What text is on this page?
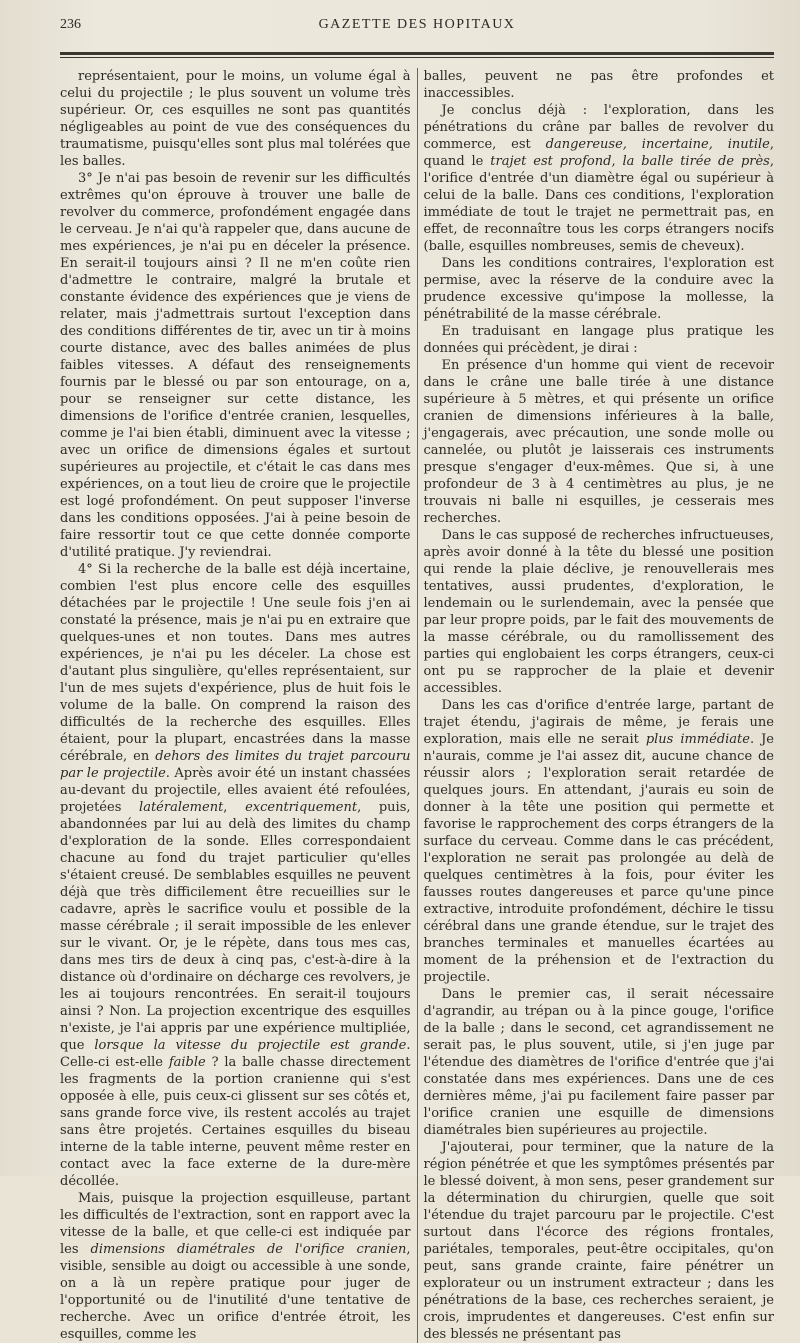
236	GAZETTE DES HOPITAUX

représentaient, pour le moins, un volume égal à celui du projectile ; le plus souvent un volume très supérieur. Or, ces esquilles ne sont pas quantités négligeables au point de vue des conséquences du traumatisme, puisqu'elles sont plus mal tolérées que les balles.

3° Je n'ai pas besoin de revenir sur les difficultés extrêmes qu'on éprouve à trouver une balle de revolver du commerce, profondément engagée dans le cerveau. Je n'ai qu'à rappeler que, dans aucune de mes expériences, je n'ai pu en déceler la présence. En serait-il toujours ainsi ? Il ne m'en coûte rien d'admettre le contraire, malgré la brutale et constante évidence des expériences que je viens de relater, mais j'admettrais surtout l'exception dans des conditions différentes de tir, avec un tir à moins courte distance, avec des balles animées de plus faibles vitesses. A défaut des renseignements fournis par le blessé ou par son entourage, on a, pour se renseigner sur cette distance, les dimensions de l'orifice d'entrée cranien, lesquelles, comme je l'ai bien établi, diminuent avec la vitesse ; avec un orifice de dimensions égales et surtout supérieures au projectile, et c'était le cas dans mes expériences, on a tout lieu de croire que le projectile est logé profondément. On peut supposer l'inverse dans les conditions opposées. J'ai à peine besoin de faire ressortir tout ce que cette donnée comporte d'utilité pratique. J'y reviendrai.

4° Si la recherche de la balle est déjà incertaine, combien l'est plus encore celle des esquilles détachées par le projectile ! Une seule fois j'en ai constaté la présence, mais je n'ai pu en extraire que quelques-unes et non toutes. Dans mes autres expériences, je n'ai pu les déceler. La chose est d'autant plus singulière, qu'elles représentaient, sur l'un de mes sujets d'expérience, plus de huit fois le volume de la balle. On comprend la raison des difficultés de la recherche des esquilles. Elles étaient, pour la plupart, encastrées dans la masse cérébrale, en dehors des limites du trajet parcouru par le projectile. Après avoir été un instant chassées au-devant du projectile, elles avaient été refoulées, projetées latéralement, excentriquement, puis, abandonnées par lui au delà des limites du champ d'exploration de la sonde. Elles correspondaient chacune au fond du trajet particulier qu'elles s'étaient creusé. De semblables esquilles ne peuvent déjà que très difficilement être recueillies sur le cadavre, après le sacrifice voulu et possible de la masse cérébrale ; il serait impossible de les enlever sur le vivant. Or, je le répète, dans tous mes cas, dans mes tirs de deux à cinq pas, c'est-à-dire à la distance où d'ordinaire on décharge ces revolvers, je les ai toujours rencontrées. En serait-il toujours ainsi ? Non. La projection excentrique des esquilles n'existe, je l'ai appris par une expérience multipliée, que lorsque la vitesse du projectile est grande. Celle-ci est-elle faible ? la balle chasse directement les fragments de la portion cranienne qui s'est opposée à elle, puis ceux-ci glissent sur ses côtés et, sans grande force vive, ils restent accolés au trajet sans être projetés. Certaines esquilles du biseau interne de la table interne, peuvent même rester en contact avec la face externe de la dure-mère décollée.

Mais, puisque la projection esquilleuse, partant les difficultés de l'extraction, sont en rapport avec la vitesse de la balle, et que celle-ci est indiquée par les dimensions diamétrales de l'orifice cranien, visible, sensible au doigt ou accessible à une sonde, on a là un repère pratique pour juger de l'opportunité ou de l'inutilité d'une tentative de recherche. Avec un orifice d'entrée étroit, les esquilles, comme les

balles, peuvent ne pas être profondes et inaccessibles.

Je conclus déjà : l'exploration, dans les pénétrations du crâne par balles de revolver du commerce, est dangereuse, incertaine, inutile, quand le trajet est profond, la balle tirée de près, l'orifice d'entrée d'un diamètre égal ou supérieur à celui de la balle. Dans ces conditions, l'exploration immédiate de tout le trajet ne permettrait pas, en effet, de reconnaître tous les corps étrangers nocifs (balle, esquilles nombreuses, semis de cheveux).

Dans les conditions contraires, l'exploration est permise, avec la réserve de la conduire avec la prudence excessive qu'impose la mollesse, la pénétrabilité de la masse cérébrale.

En traduisant en langage plus pratique les données qui précèdent, je dirai :

En présence d'un homme qui vient de recevoir dans le crâne une balle tirée à une distance supérieure à 5 mètres, et qui présente un orifice cranien de dimensions inférieures à la balle, j'engagerais, avec précaution, une sonde molle ou cannelée, ou plutôt je laisserais ces instruments presque s'engager d'eux-mêmes. Que si, à une profondeur de 3 à 4 centimètres au plus, je ne trouvais ni balle ni esquilles, je cesserais mes recherches.

Dans le cas supposé de recherches infructueuses, après avoir donné à la tête du blessé une position qui rende la plaie déclive, je renouvellerais mes tentatives, aussi prudentes, d'exploration, le lendemain ou le surlendemain, avec la pensée que par leur propre poids, par le fait des mouvements de la masse cérébrale, ou du ramollissement des parties qui englobaient les corps étrangers, ceux-ci ont pu se rapprocher de la plaie et devenir accessibles.

Dans les cas d'orifice d'entrée large, partant de trajet étendu, j'agirais de même, je ferais une exploration, mais elle ne serait plus immédiate. Je n'aurais, comme je l'ai assez dit, aucune chance de réussir alors ; l'exploration serait retardée de quelques jours. En attendant, j'aurais eu soin de donner à la tête une position qui permette et favorise le rapprochement des corps étrangers de la surface du cerveau. Comme dans le cas précédent, l'exploration ne serait pas prolongée au delà de quelques centimètres à la fois, pour éviter les fausses routes dangereuses et parce qu'une pince extractive, introduite profondément, déchire le tissu cérébral dans une grande étendue, sur le trajet des branches terminales et manuelles écartées au moment de la préhension et de l'extraction du projectile.

Dans le premier cas, il serait nécessaire d'agrandir, au trépan ou à la pince gouge, l'orifice de la balle ; dans le second, cet agrandissement ne serait pas, le plus souvent, utile, si j'en juge par l'étendue des diamètres de l'orifice d'entrée que j'ai constatée dans mes expériences. Dans une de ces dernières même, j'ai pu facilement faire passer par l'orifice cranien une esquille de dimensions diamétrales bien supérieures au projectile.

J'ajouterai, pour terminer, que la nature de la région pénétrée et que les symptômes présentés par le blessé doivent, à mon sens, peser grandement sur la détermination du chirurgien, quelle que soit l'étendue du trajet parcouru par le projectile. C'est surtout dans l'écorce des régions frontales, pariétales, temporales, peut-être occipitales, qu'on peut, sans grande crainte, faire pénétrer un explorateur ou un instrument extracteur ; dans les pénétrations de la base, ces recherches seraient, je crois, imprudentes et dangereuses. C'est enfin sur des blessés ne présentant pas
